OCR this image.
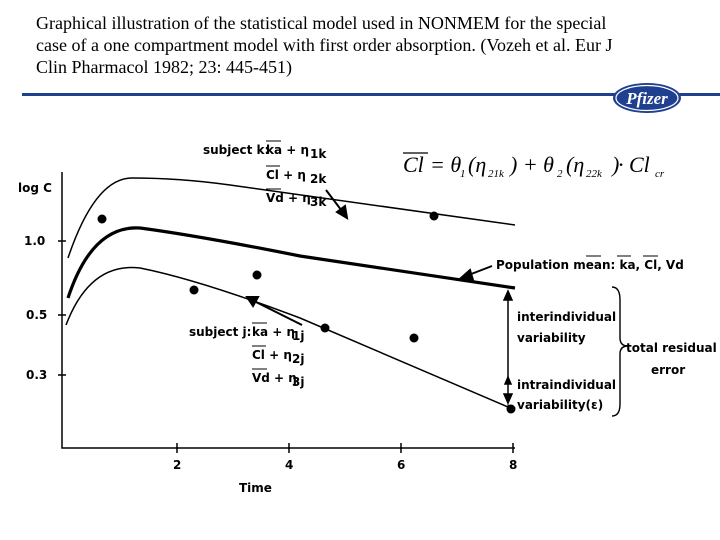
Graphical illustration of the statistical model used in NONMEM for the special
case of a one compartment model with first order absorption. (Vozeh et al. Eur J
Clin Pharmacol 1982; 23: 445-451)
Pfizer
Cl = θ
1 (η 21k ) + θ 2 (η 22k )
· Cl cr
log C
1.0
0.5
0.3
2	4	6	8
Time
subject k:
ka + η 1k
Cl + η 2k
Vd + η 3k
Population mean: ka, Cl, Vd
interindividual
variability
total residual
error
intraindividual
variability(ε)
subject j: ka + η
1j
Cl + η 2j
Vd + η
3j
